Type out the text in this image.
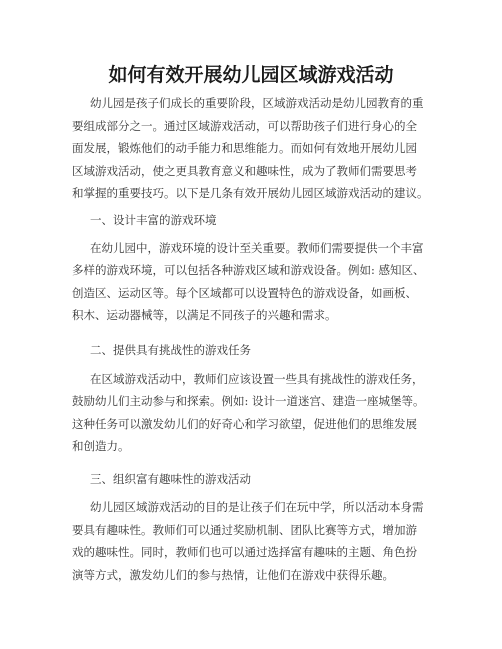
如何有效开展幼儿园区域游戏活动
幼儿园是孩子们成长的重要阶段，区域游戏活动是幼儿园教育的重
要组成部分之一。通过区域游戏活动，可以帮助孩子们进行身心的全
面发展，锻炼他们的动手能力和思维能力。而如何有效地开展幼儿园
区域游戏活动，使之更具教育意义和趣味性，成为了教师们需要思考
和掌握的重要技巧。以下是几条有效开展幼儿园区域游戏活动的建议。
一、设计丰富的游戏环境
在幼儿园中，游戏环境的设计至关重要。教师们需要提供一个丰富
多样的游戏环境，可以包括各种游戏区域和游戏设备。例如: 感知区、
创造区、运动区等。每个区域都可以设置特色的游戏设备，如画板、
积木、运动器械等，以满足不同孩子的兴趣和需求。
二、提供具有挑战性的游戏任务
在区域游戏活动中，教师们应该设置一些具有挑战性的游戏任务，
鼓励幼儿们主动参与和探索。例如: 设计一道迷宫、建造一座城堡等。
这种任务可以激发幼儿们的好奇心和学习欲望，促进他们的思维发展
和创造力。
三、组织富有趣味性的游戏活动
幼儿园区域游戏活动的目的是让孩子们在玩中学，所以活动本身需
要具有趣味性。教师们可以通过奖励机制、团队比赛等方式，增加游
戏的趣味性。同时，教师们也可以通过选择富有趣味的主题、角色扮
演等方式，激发幼儿们的参与热情，让他们在游戏中获得乐趣。
